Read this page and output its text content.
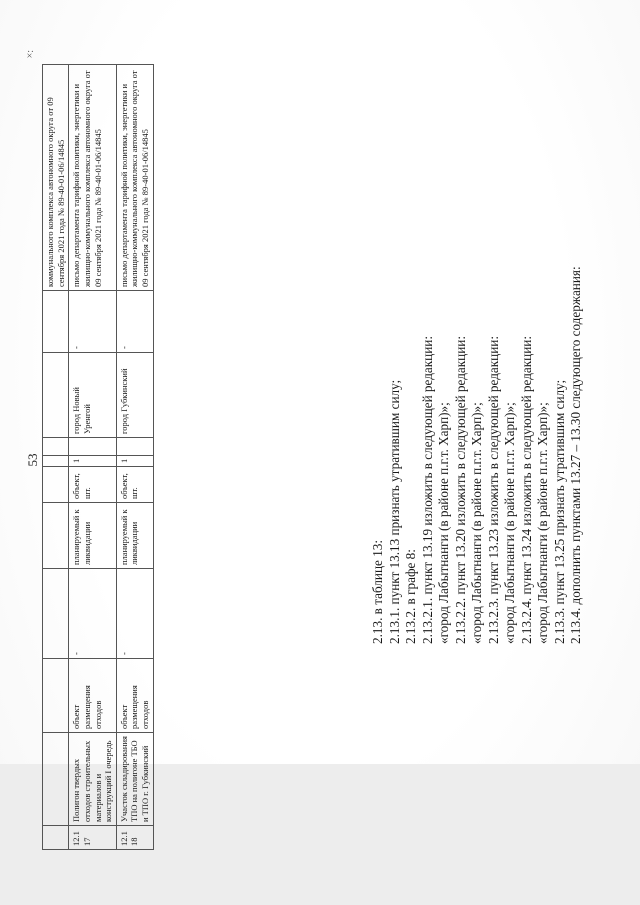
53
×:
										коммунального комплекса автономного округа от 09 сентября 2021 года № 89-40-01-06/14845
12.117	Полигон твердых отходов строительных материалов и конструкций I очередь	объект размещения отходов	-	планируемый к ликвидации	объект, шт.	1		город Новый Уренгой	-	письмо департамента тарифной политики, энергетики и жилищно-коммунального комплекса автономного округа от 09 сентября 2021 года № 89-40-01-06/14845
12.118	Участок складирования ТПО на полигоне ТБО и ТПО г. Губкинский	объект размещения отходов	-	планируемый к ликвидации	объект, шт.	1		город Губкинский	-	письмо департамента тарифной политики, энергетики и жилищно-коммунального комплекса автономного округа от 09 сентября 2021 года № 89-40-01-06/14845
2.13. в таблице 13: 2.13.1. пункт 13.13 признать утратившим силу; 2.13.2. в графе 8: 2.13.2.1. пункт 13.19 изложить в следующей редакции: «город Лабытнанги (в районе п.г.т. Харп)»; 2.13.2.2. пункт 13.20 изложить в следующей редакции: «город Лабытнанги (в районе п.г.т. Харп)»; 2.13.2.3. пункт 13.23 изложить в следующей редакции: «город Лабытнанги (в районе п.г.т. Харп)»; 2.13.2.4. пункт 13.24 изложить в следующей редакции: «город Лабытнанги (в районе п.г.т. Харп)»; 2.13.3. пункт 13.25 признать утратившим силу; 2.13.4. дополнить пунктами 13.27 – 13.30 следующего содержания:
